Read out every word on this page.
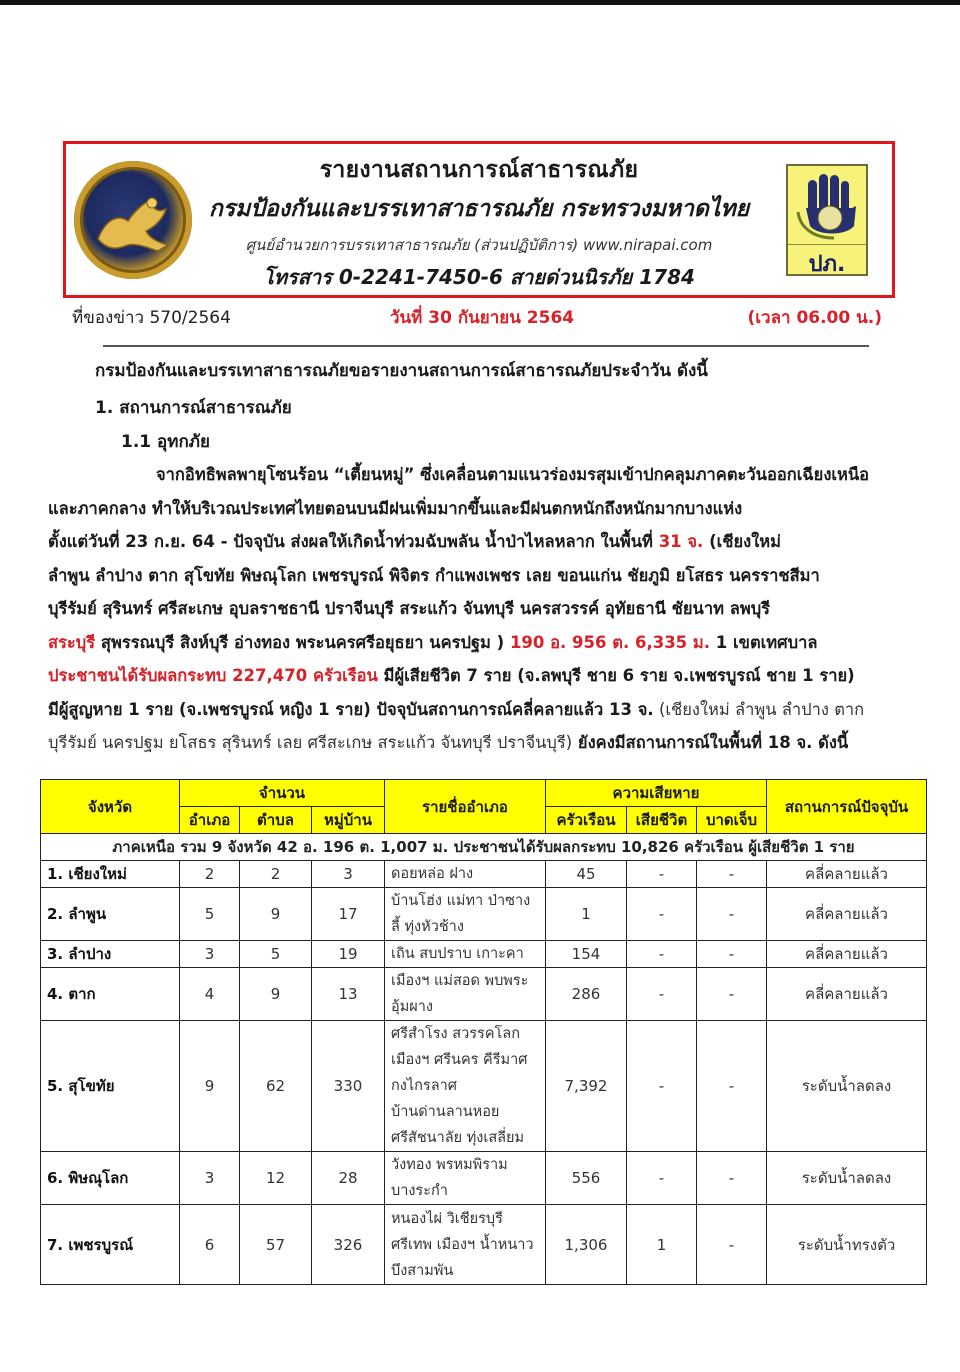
รายงานสถานการณ์สาธารณภัย
กรมป้องกันและบรรเทาสาธารณภัย กระทรวงมหาดไทย
ศูนย์อำนวยการบรรเทาสาธารณภัย (ส่วนปฏิบัติการ) www.nirapai.com
โทรสาร 0-2241-7450-6 สายด่วนนิรภัย 1784	ปภ.
ที่ของข่าว 570/2564	วันที่ 30 กันยายน 2564	(เวลา 06.00 น.)
กรมป้องกันและบรรเทาสาธารณภัยขอรายงานสถานการณ์สาธารณภัยประจำวัน ดังนี้
1. สถานการณ์สาธารณภัย
1.1 อุทกภัย
จากอิทธิพลพายุโซนร้อน “เตี้ยนหมู่” ซึ่งเคลื่อนตามแนวร่องมรสุมเข้าปกคลุมภาคตะวันออกเฉียงเหนือ
และภาคกลาง ทำให้บริเวณประเทศไทยตอนบนมีฝนเพิ่มมากขึ้นและมีฝนตกหนักถึงหนักมากบางแห่ง
ตั้งแต่วันที่ 23 ก.ย. 64 - ปัจจุบัน ส่งผลให้เกิดน้ำท่วมฉับพลัน น้ำป่าไหลหลาก ในพื้นที่ 31 จ. (เชียงใหม่
ลำพูน ลำปาง ตาก สุโขทัย พิษณุโลก เพชรบูรณ์ พิจิตร กำแพงเพชร เลย ขอนแก่น ชัยภูมิ ยโสธร นครราชสีมา
บุรีรัมย์ สุรินทร์ ศรีสะเกษ อุบลราชธานี ปราจีนบุรี สระแก้ว จันทบุรี นครสวรรค์ อุทัยธานี ชัยนาท ลพบุรี
สระบุรี สุพรรณบุรี สิงห์บุรี อ่างทอง พระนครศรีอยุธยา นครปฐม ) 190 อ. 956 ต. 6,335 ม. 1 เขตเทศบาล
ประชาชนได้รับผลกระทบ 227,470 ครัวเรือน มีผู้เสียชีวิต 7 ราย (จ.ลพบุรี ชาย 6 ราย จ.เพชรบูรณ์ ชาย 1 ราย)
มีผู้สูญหาย 1 ราย (จ.เพชรบูรณ์ หญิง 1 ราย) ปัจจุบันสถานการณ์คลี่คลายแล้ว 13 จ. (เชียงใหม่ ลำพูน ลำปาง ตาก
บุรีรัมย์ นครปฐม ยโสธร สุรินทร์ เลย ศรีสะเกษ สระแก้ว จันทบุรี ปราจีนบุรี) ยังคงมีสถานการณ์ในพื้นที่ 18 จ. ดังนี้
จังหวัด	จำนวน			รายชื่ออำเภอ	ความเสียหาย			สถานการณ์ปัจจุบัน
	อำเภอ	ตำบล	หมู่บ้าน		ครัวเรือน	เสียชีวิต	บาดเจ็บ	
ภาคเหนือ รวม 9 จังหวัด 42 อ. 196 ต. 1,007 ม. ประชาชนได้รับผลกระทบ 10,826 ครัวเรือน ผู้เสียชีวิต 1 ราย								
1. เชียงใหม่	2	2	3	ดอยหล่อ ฝาง	45	-	-	คลี่คลายแล้ว
2. ลำพูน	5	9	17	บ้านโฮ่ง แม่ทา ป่าซาง
ลี้ ทุ่งหัวช้าง	1	-	-	คลี่คลายแล้ว
3. ลำปาง	3	5	19	เถิน สบปราบ เกาะคา	154	-	-	คลี่คลายแล้ว
4. ตาก	4	9	13	เมืองฯ แม่สอด พบพระ
อุ้มผาง	286	-	-	คลี่คลายแล้ว
5. สุโขทัย	9	62	330	ศรีสำโรง สวรรคโลก
เมืองฯ ศรีนคร คีรีมาศ
กงไกรลาศ บ้านด่านลานหอย
ศรีสัชนาลัย ทุ่งเสลี่ยม	7,392	-	-	ระดับน้ำลดลง
6. พิษณุโลก	3	12	28	วังทอง พรหมพิราม บางระกำ	556	-	-	ระดับน้ำลดลง
7. เพชรบูรณ์	6	57	326	หนองไผ่ วิเชียรบุรี
ศรีเทพ เมืองฯ น้ำหนาว
บึงสามพัน	1,306	1	-	ระดับน้ำทรงตัว
